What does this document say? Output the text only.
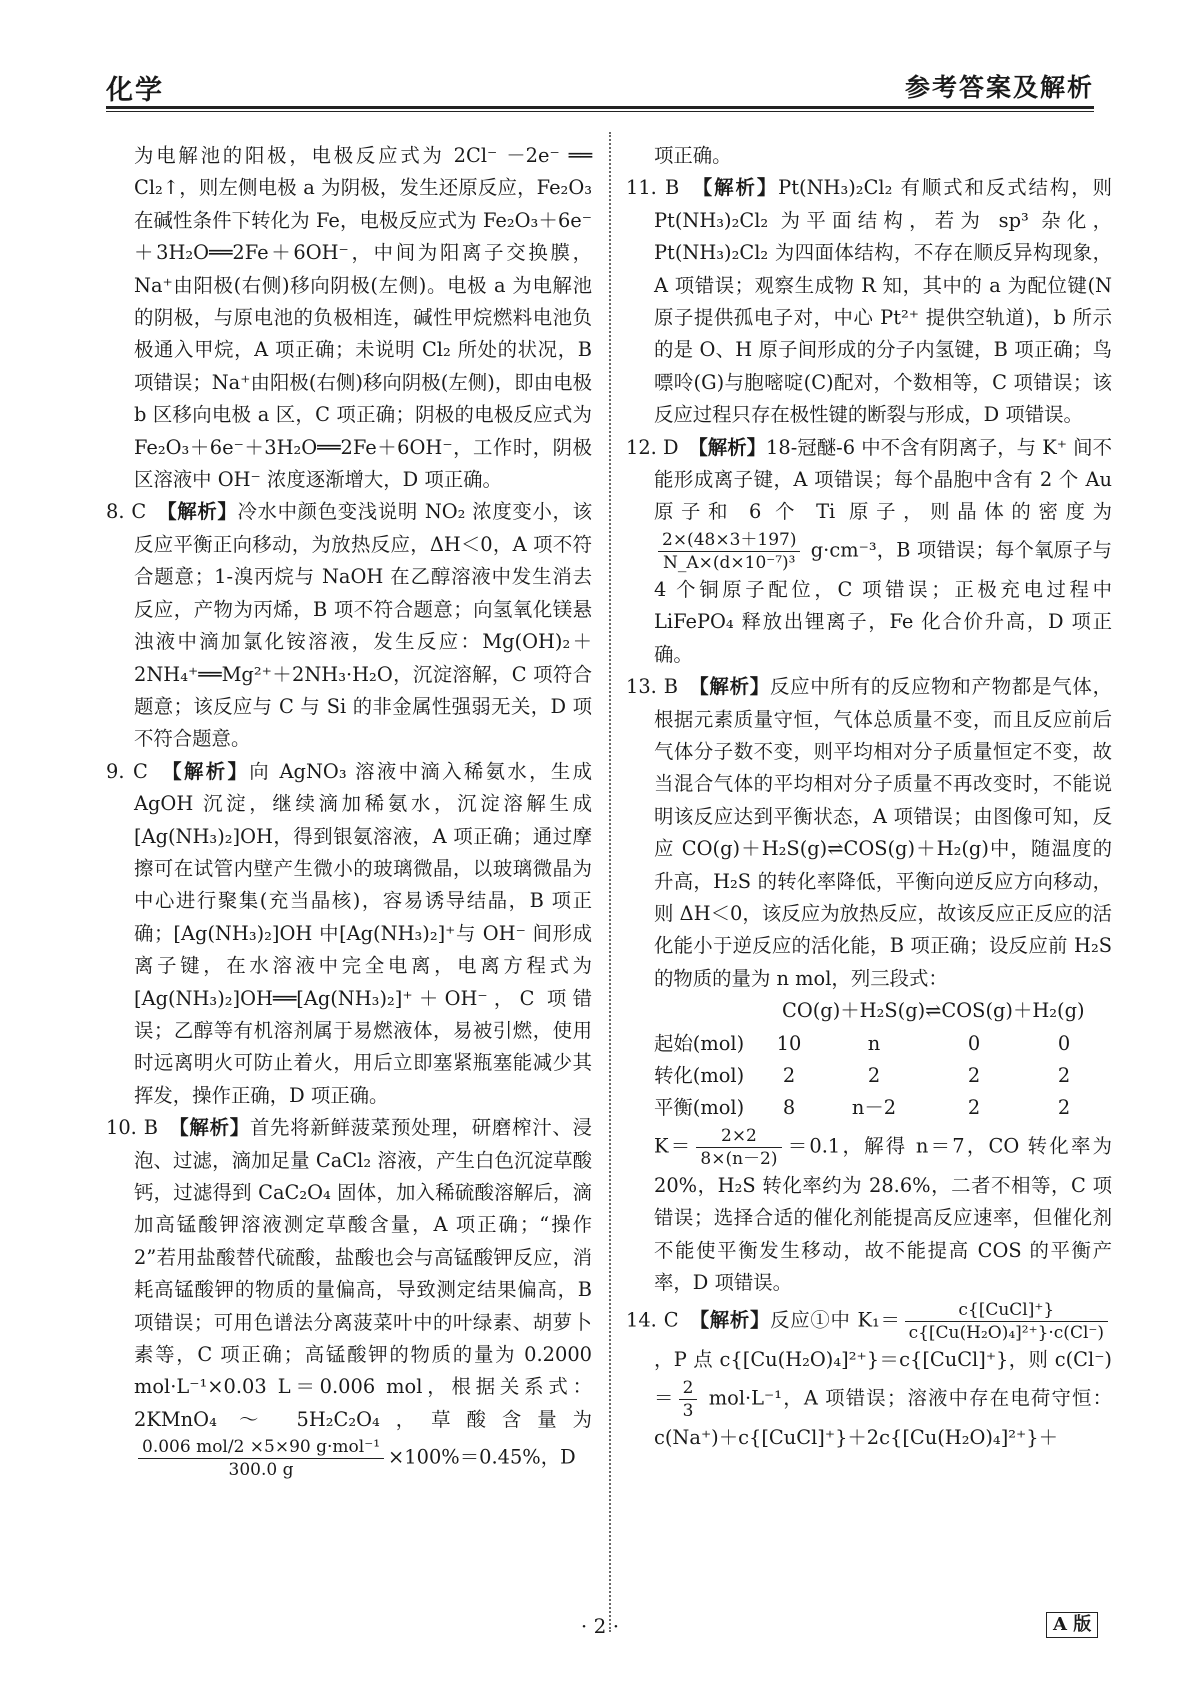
化学	参考答案及解析

为电解池的阳极，电极反应式为 2Cl⁻ －2e⁻ ══ Cl₂↑，则左侧电极 a 为阴极，发生还原反应，Fe₂O₃ 在碱性条件下转化为 Fe，电极反应式为 Fe₂O₃＋6e⁻＋3H₂O══2Fe＋6OH⁻，中间为阳离子交换膜，Na⁺由阳极(右侧)移向阴极(左侧)。电极 a 为电解池的阴极，与原电池的负极相连，碱性甲烷燃料电池负极通入甲烷，A 项正确；未说明 Cl₂ 所处的状况，B 项错误；Na⁺由阳极(右侧)移向阴极(左侧)，即由电极 b 区移向电极 a 区，C 项正确；阴极的电极反应式为 Fe₂O₃＋6e⁻＋3H₂O══2Fe＋6OH⁻，工作时，阴极区溶液中 OH⁻ 浓度逐渐增大，D 项正确。

8. C　【解析】冷水中颜色变浅说明 NO₂ 浓度变小，该反应平衡正向移动，为放热反应，ΔH＜0，A 项不符合题意；1-溴丙烷与 NaOH 在乙醇溶液中发生消去反应，产物为丙烯，B 项不符合题意；向氢氧化镁悬浊液中滴加氯化铵溶液，发生反应：Mg(OH)₂＋2NH₄⁺══Mg²⁺＋2NH₃·H₂O，沉淀溶解，C 项符合题意；该反应与 C 与 Si 的非金属性强弱无关，D 项不符合题意。
9. C　【解析】向 AgNO₃ 溶液中滴入稀氨水，生成 AgOH 沉淀，继续滴加稀氨水，沉淀溶解生成[Ag(NH₃)₂]OH，得到银氨溶液，A 项正确；通过摩擦可在试管内壁产生微小的玻璃微晶，以玻璃微晶为中心进行聚集(充当晶核)，容易诱导结晶，B 项正确；[Ag(NH₃)₂]OH 中[Ag(NH₃)₂]⁺与 OH⁻ 间形成离子键，在水溶液中完全电离，电离方程式为[Ag(NH₃)₂]OH══[Ag(NH₃)₂]⁺＋OH⁻，C 项错误；乙醇等有机溶剂属于易燃液体，易被引燃，使用时远离明火可防止着火，用后立即塞紧瓶塞能减少其挥发，操作正确，D 项正确。
10. B　【解析】首先将新鲜菠菜预处理，研磨榨汁、浸泡、过滤，滴加足量 CaCl₂ 溶液，产生白色沉淀草酸钙，过滤得到 CaC₂O₄ 固体，加入稀硫酸溶解后，滴加高锰酸钾溶液测定草酸含量，A 项正确；“操作 2”若用盐酸替代硫酸，盐酸也会与高锰酸钾反应，消耗高锰酸钾的物质的量偏高，导致测定结果偏高，B 项错误；可用色谱法分离菠菜叶中的叶绿素、胡萝卜素等，C 项正确；高锰酸钾的物质的量为 0.2000 mol·L⁻¹×0.03 L＝0.006 mol，根据关系式：2KMnO₄ ～ 5H₂C₂O₄，草酸含量为
$\frac{\text{0.006 mol/2 ×5×90 g·mol⁻¹}}{300.0 g} \times 100\%=0.45\%$，D
项正确。
11. B　【解析】Pt(NH₃)₂Cl₂ 有顺式和反式结构，则 Pt(NH₃)₂Cl₂ 为平面结构，若为 sp³ 杂化，Pt(NH₃)₂Cl₂ 为四面体结构，不存在顺反异构现象，A 项错误；观察生成物 R 知，其中的 a 为配位键(N 原子提供孤电子对，中心 Pt²⁺ 提供空轨道)，b 所示的是 O、H 原子间形成的分子内氢键，B 项正确；鸟嘌呤(G)与胞嘧啶(C)配对，个数相等，C 项错误；该反应过程只存在极性键的断裂与形成，D 项错误。
12. D　【解析】18-冠醚-6 中不含有阴离子，与 K⁺ 间不能形成离子键，A 项错误；每个晶胞中含有 2 个 Au 原子和 6 个 Ti 原子，则晶体的密度为
$\frac{2\times(48\times 3+197)}{\text{N\_A×(d×10⁻⁷)³}} g\cdot cm^{-3}$，B 项错误；每个氧原子与 4 个铜原子配位，C 项错误；正极充电过程中 LiFePO₄ 释放出锂离子，Fe 化合价升高，D 项正确。
13. B　【解析】反应中所有的反应物和产物都是气体，根据元素质量守恒，气体总质量不变，而且反应前后气体分子数不变，则平均相对分子质量恒定不变，故当混合气体的平均相对分子质量不再改变时，不能说明该反应达到平衡状态，A 项错误；由图像可知，反应 CO(g)＋H₂S(g)⇌COS(g)＋H₂(g)中，随温度的升高，H₂S 的转化率降低，平衡向逆反应方向移动，则 ΔH＜0，该反应为放热反应，故该反应正反应的活化能小于逆反应的活化能，B 项正确；设反应前 H₂S 的物质的量为 n mol，列三段式：
CO(g)＋H₂S(g)⇌COS(g)＋H₂(g)
起始(mol)	10	n	0	0
转化(mol)	2	2	2	2
平衡(mol)	8	n－2	2	2
$K= \frac{2\times 2}{8\times(n-2)} =0.1$，解得 n＝7，CO 转化率为 20%，H₂S 转化率约为 28.6%，二者不相等，C 项错误；选择合适的催化剂能提高反应速率，但催化剂不能使平衡发生移动，故不能提高 COS 的平衡产率，D 项错误。
14. C　【解析】反应①中 $K_1= \frac{\text{c\{[CuCl]⁺\}}}{\text{c\{[Cu(H₂O)₄]²⁺\}·c(Cl⁻)}}$
，P 点 c{[Cu(H₂O)₄]²⁺}＝c{[CuCl]⁺}，则 $c(Cl^-)= \frac{2}{3} mol\cdot L^{-1}$，A 项错误；溶液中存在电荷守恒：c(Na⁺)＋c{[CuCl]⁺}＋2c{[Cu(H₂O)₄]²⁺}＋
· 2 ·	A 版
